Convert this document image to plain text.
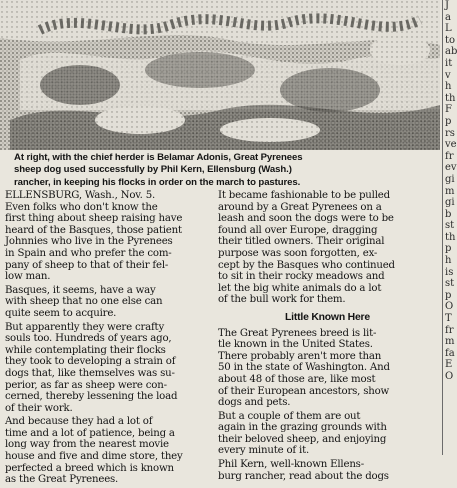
At right, with the chief herder is Belamar Adonis, Great Pyrenees
sheep dog used successfully by Phil Kern, Ellensburg (Wash.)
rancher, in keeping his flocks in order on the march to pastures.
ELLENSBURG, Wash., Nov. 5.
Even folks who don't know the
first thing about sheep raising have
heard of the Basques, those patient
Johnnies who live in the Pyrenees
in Spain and who prefer the com-
pany of sheep to that of their fel-
low man.
Basques, it seems, have a way
with sheep that no one else can
quite seem to acquire.
But apparently they were crafty
souls too. Hundreds of years ago,
while contemplating their flocks
they took to developing a strain of
dogs that, like themselves was su-
perior, as far as sheep were con-
cerned, thereby lessening the load
of their work.
And because they had a lot of
time and a lot of patience, being a
long way from the nearest movie
house and five and dime store, they
perfected a breed which is known
as the Great Pyrenees.
It became fashionable to be pulled
around by a Great Pyrenees on a
leash and soon the dogs were to be
found all over Europe, dragging
their titled owners. Their original
purpose was soon forgotten, ex-
cept by the Basques who continued
to sit in their rocky meadows and
let the big white animals do a lot
of the bull work for them.
Little Known Here
The Great Pyrenees breed is lit-
tle known in the United States.
There probably aren't more than
50 in the state of Washington. And
about 48 of those are, like most
of their European ancestors, show
dogs and pets.
But a couple of them are out
again in the grazing grounds with
their beloved sheep, and enjoying
every minute of it.
Phil Kern, well-known Ellens-
burg rancher, read about the dogs
J
a
L
to
ab
it
v
h
th
F
p
rs
ve
fr
ev
gi
m
gi
b
st
th
p
h
is
st
p
O
T
fr
m
fa
E
O
